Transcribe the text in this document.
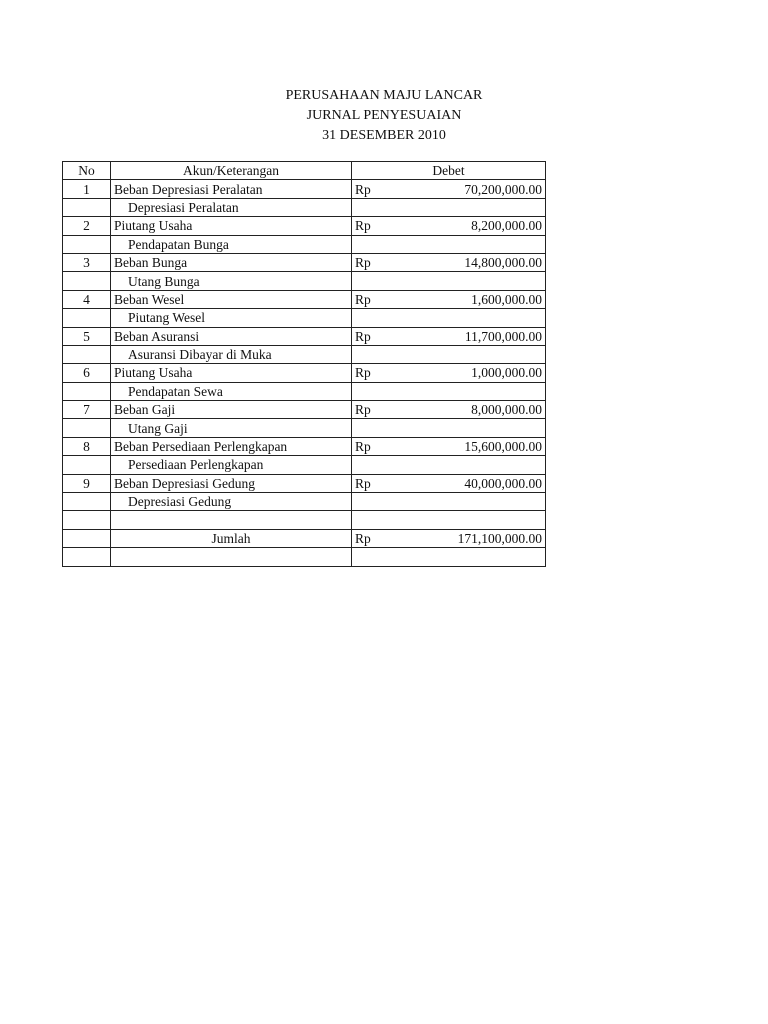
PERUSAHAAN MAJU LANCAR
JURNAL PENYESUAIAN
31 DESEMBER 2010
No	Akun/Keterangan	Debet
1	Beban Depresiasi Peralatan	Rp 70,200,000.00

	Depresiasi Peralatan	
2	Piutang Usaha	Rp 8,200,000.00

	Pendapatan Bunga	
3	Beban Bunga	Rp 14,800,000.00

	Utang Bunga	
4	Beban Wesel	Rp 1,600,000.00

	Piutang Wesel	
5	Beban Asuransi	Rp 11,700,000.00

	Asuransi Dibayar di Muka	
6	Piutang Usaha	Rp 1,000,000.00

	Pendapatan Sewa	
7	Beban Gaji	Rp 8,000,000.00

	Utang Gaji	
8	Beban Persediaan Perlengkapan	Rp 15,600,000.00

	Persediaan Perlengkapan	
9	Beban Depresiasi Gedung	Rp 40,000,000.00

	Depresiasi Gedung	

	Jumlah	Rp 171,100,000.00
